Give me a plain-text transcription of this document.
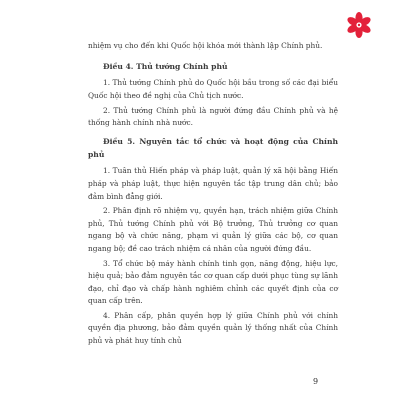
nhiệm vụ cho đến khi Quốc hội khóa mới thành lập Chính phủ.

Điều 4. Thủ tướng Chính phủ

1. Thủ tướng Chính phủ do Quốc hội bầu trong số các đại biểu Quốc hội theo đề nghị của Chủ tịch nước.

2. Thủ tướng Chính phủ là người đứng đầu Chính phủ và hệ thống hành chính nhà nước.

Điều 5. Nguyên tắc tổ chức và hoạt động của Chính phủ

1. Tuân thủ Hiến pháp và pháp luật, quản lý xã hội bằng Hiến pháp và pháp luật, thực hiện nguyên tắc tập trung dân chủ; bảo đảm bình đẳng giới.

2. Phân định rõ nhiệm vụ, quyền hạn, trách nhiệm giữa Chính phủ, Thủ tướng Chính phủ với Bộ trưởng, Thủ trưởng cơ quan ngang bộ và chức năng, phạm vi quản lý giữa các bộ, cơ quan ngang bộ; đề cao trách nhiệm cá nhân của người đứng đầu.

3. Tổ chức bộ máy hành chính tinh gọn, năng động, hiệu lực, hiệu quả; bảo đảm nguyên tắc cơ quan cấp dưới phục tùng sự lãnh đạo, chỉ đạo và chấp hành nghiêm chỉnh các quyết định của cơ quan cấp trên.

4. Phân cấp, phân quyền hợp lý giữa Chính phủ với chính quyền địa phương, bảo đảm quyền quản lý thống nhất của Chính phủ và phát huy tính chủ

9
